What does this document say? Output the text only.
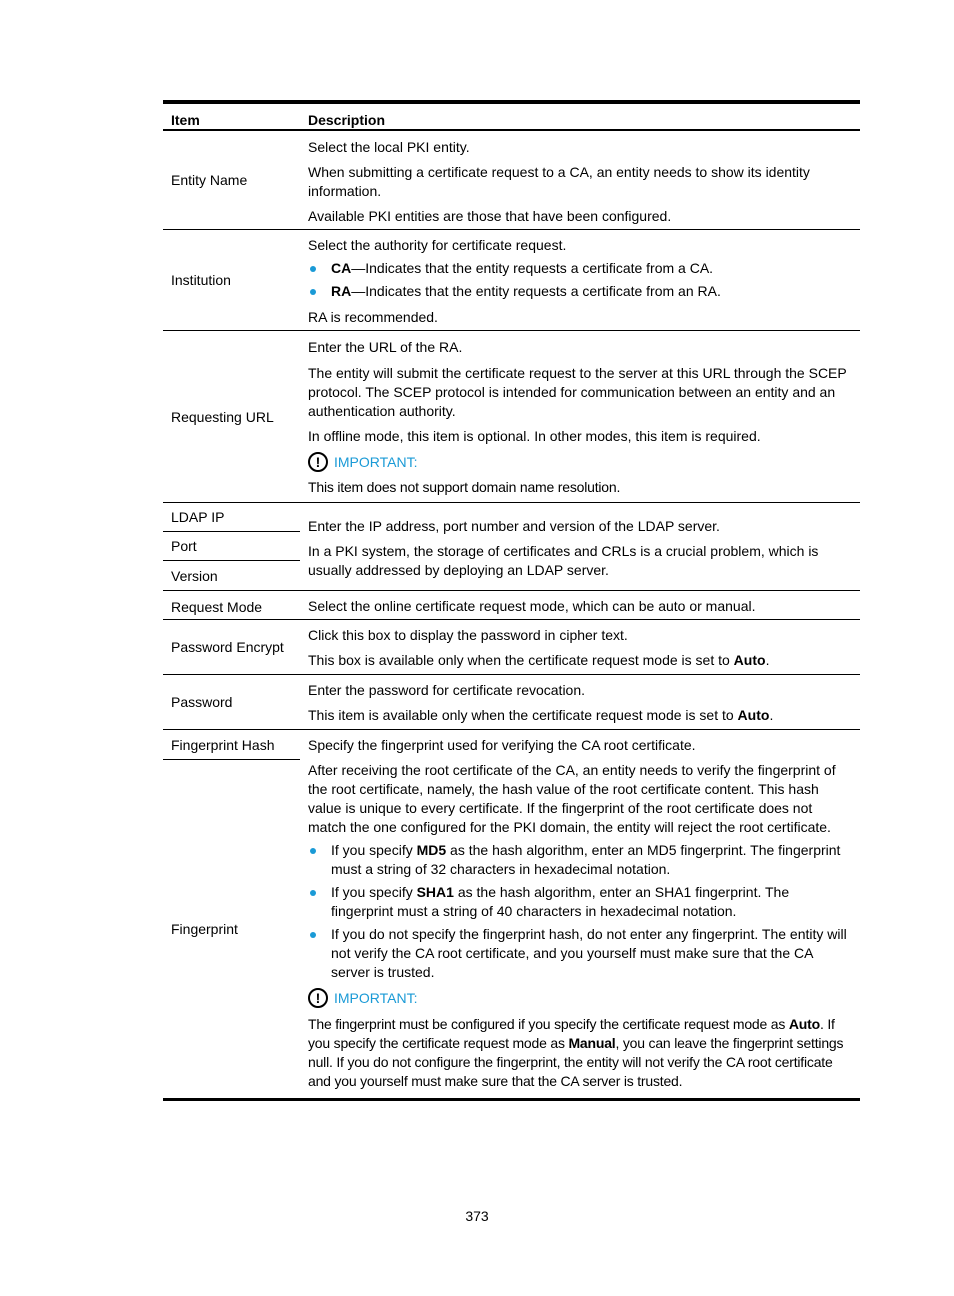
Item	Description
Entity Name

Select the local PKI entity.

When submitting a certificate request to a CA, an entity needs to show its identity information.

Available PKI entities are those that have been configured.

Institution

Select the authority for certificate request.

CA—Indicates that the entity requests a certificate from a CA.
RA—Indicates that the entity requests a certificate from an RA.

RA is recommended.

Requesting URL

Enter the URL of the RA.

The entity will submit the certificate request to the server at this URL through the SCEP protocol. The SCEP protocol is intended for communication between an entity and an authentication authority.

In offline mode, this item is optional. In other modes, this item is required.

! IMPORTANT:

This item does not support domain name resolution.

LDAP IP
Port
Version

Enter the IP address, port number and version of the LDAP server.

In a PKI system, the storage of certificates and CRLs is a crucial problem, which is usually addressed by deploying an LDAP server.

Request Mode	Select the online certificate request mode, which can be auto or manual.

Password Encrypt

Click this box to display the password in cipher text.

This box is available only when the certificate request mode is set to Auto.

Password

Enter the password for certificate revocation.

This item is available only when the certificate request mode is set to Auto.

Fingerprint Hash
Fingerprint

Specify the fingerprint used for verifying the CA root certificate.

After receiving the root certificate of the CA, an entity needs to verify the fingerprint of the root certificate, namely, the hash value of the root certificate content. This hash value is unique to every certificate. If the fingerprint of the root certificate does not match the one configured for the PKI domain, the entity will reject the root certificate.

If you specify MD5 as the hash algorithm, enter an MD5 fingerprint. The fingerprint must a string of 32 characters in hexadecimal notation.
If you specify SHA1 as the hash algorithm, enter an SHA1 fingerprint. The fingerprint must a string of 40 characters in hexadecimal notation.
If you do not specify the fingerprint hash, do not enter any fingerprint. The entity will not verify the CA root certificate, and you yourself must make sure that the CA server is trusted.
! IMPORTANT:

The fingerprint must be configured if you specify the certificate request mode as Auto. If you specify the certificate request mode as Manual, you can leave the fingerprint settings null. If you do not configure the fingerprint, the entity will not verify the CA root certificate and you yourself must make sure that the CA server is trusted.

373
